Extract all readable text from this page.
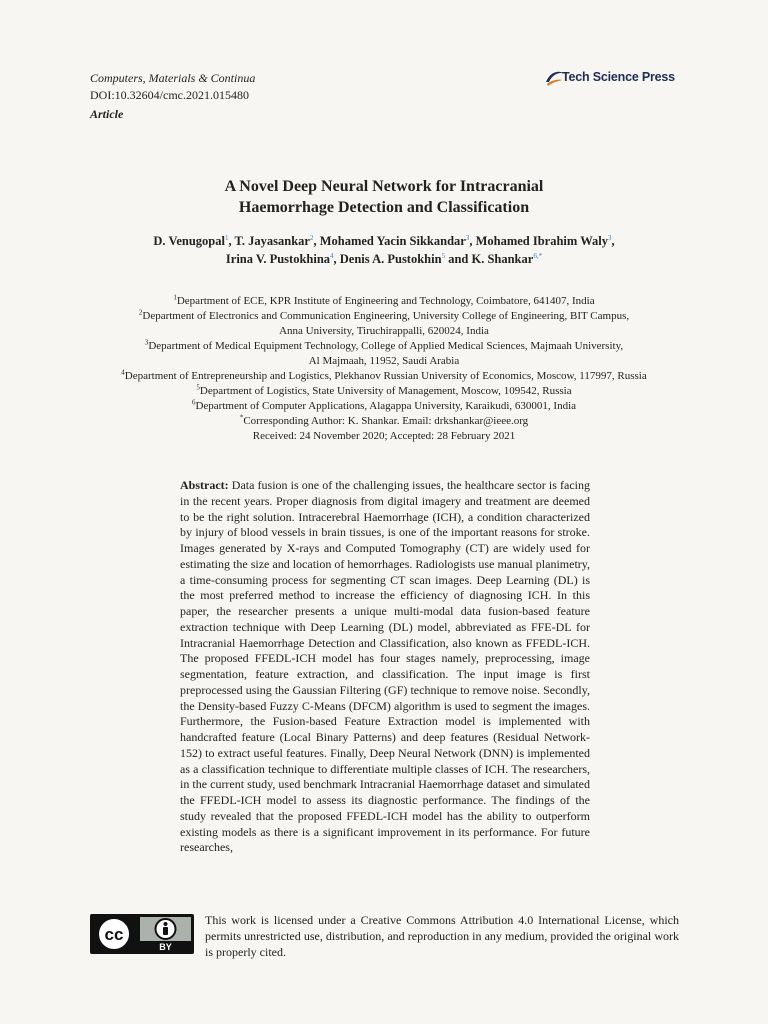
Computers, Materials & Continua
DOI:10.32604/cmc.2021.015480
Article
Tech Science Press
A Novel Deep Neural Network for Intracranial
Haemorrhage Detection and Classification
D. Venugopal$^1$, T. Jayasankar$^2$, Mohamed Yacin Sikkandar$^3$, Mohamed Ibrahim Waly$^3$,
Irina V. Pustokhina$^4$, Denis A. Pustokhin$^5$ and K. Shankar$^{6,*}$
$^1$Department of ECE, KPR Institute of Engineering and Technology, Coimbatore, 641407, India
$^2$Department of Electronics and Communication Engineering, University College of Engineering, BIT Campus,
Anna University, Tiruchirappalli, 620024, India
$^3$Department of Medical Equipment Technology, College of Applied Medical Sciences, Majmaah University,
Al Majmaah, 11952, Saudi Arabia
$^4$Department of Entrepreneurship and Logistics, Plekhanov Russian University of Economics, Moscow, 117997, Russia
$^5$Department of Logistics, State University of Management, Moscow, 109542, Russia
$^6$Department of Computer Applications, Alagappa University, Karaikudi, 630001, India
*Corresponding Author: K. Shankar. Email: drkshankar@ieee.org
Received: 24 November 2020; Accepted: 28 February 2021
Abstract: Data fusion is one of the challenging issues, the healthcare sector is facing in the recent years. Proper diagnosis from digital imagery and treatment are deemed to be the right solution. Intracerebral Haemorrhage (ICH), a condition characterized by injury of blood vessels in brain tissues, is one of the important reasons for stroke. Images generated by X-rays and Computed Tomography (CT) are widely used for estimating the size and location of hemorrhages. Radiologists use manual planimetry, a time-consuming process for segmenting CT scan images. Deep Learning (DL) is the most preferred method to increase the efficiency of diagnosing ICH. In this paper, the researcher presents a unique multi-modal data fusion-based feature extraction technique with Deep Learning (DL) model, abbreviated as FFE-DL for Intracranial Haemorrhage Detection and Classification, also known as FFEDL-ICH. The proposed FFEDL-ICH model has four stages namely, preprocessing, image segmentation, feature extraction, and classification. The input image is first preprocessed using the Gaussian Filtering (GF) technique to remove noise. Secondly, the Density-based Fuzzy C-Means (DFCM) algorithm is used to segment the images. Furthermore, the Fusion-based Feature Extraction model is implemented with handcrafted feature (Local Binary Patterns) and deep features (Residual Network-152) to extract useful features. Finally, Deep Neural Network (DNN) is implemented as a classification technique to differentiate multiple classes of ICH. The researchers, in the current study, used benchmark Intracranial Haemorrhage dataset and simulated the FFEDL-ICH model to assess its diagnostic performance. The findings of the study revealed that the proposed FFEDL-ICH model has the ability to outperform existing models as there is a significant improvement in its performance. For future researches,
cc
BY
This work is licensed under a Creative Commons Attribution 4.0 International License, which permits unrestricted use, distribution, and reproduction in any medium, provided the original work is properly cited.
